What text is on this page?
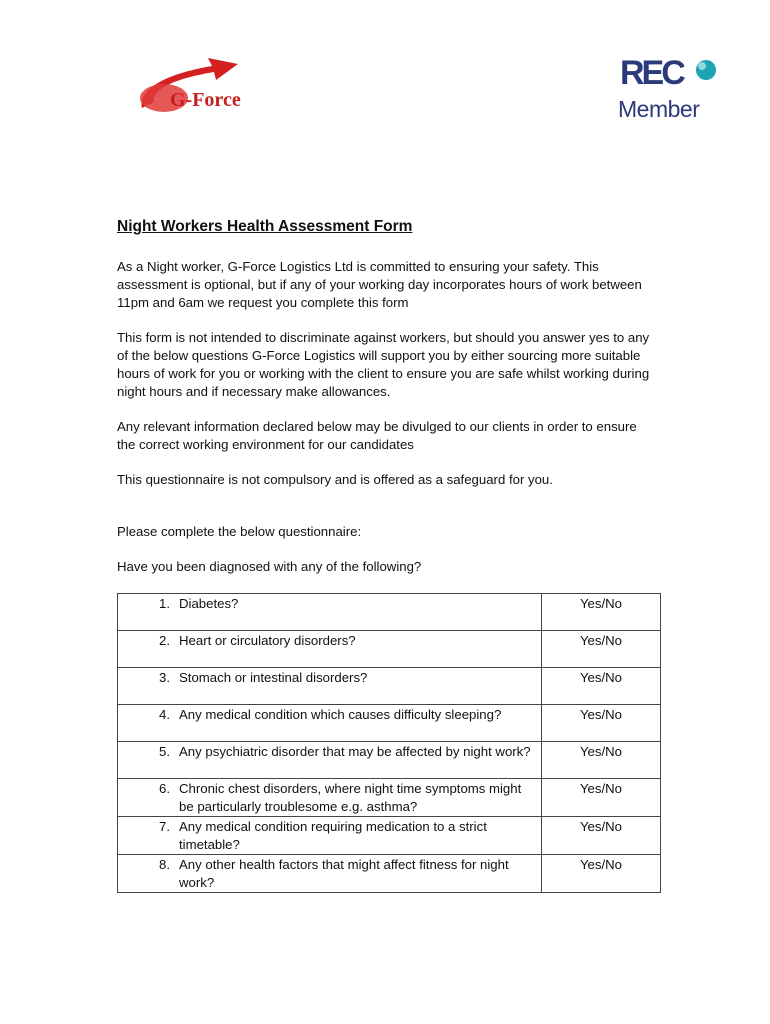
G-Force
REC
Member
Night Workers Health Assessment Form

As a Night worker, G-Force Logistics Ltd is committed to ensuring your safety. This assessment is optional, but if any of your working day incorporates hours of work between 11pm and 6am we request you complete this form

This form is not intended to discriminate against workers, but should you answer yes to any of the below questions G-Force Logistics will support you by either sourcing more suitable hours of work for you or working with the client to ensure you are safe whilst working during night hours and if necessary make allowances.

Any relevant information declared below may be divulged to our clients in order to ensure the correct working environment for our candidates

This questionnaire is not compulsory and is offered as a safeguard for you.

Please complete the below questionnaire:

Have you been diagnosed with any of the following?

1. Diabetes?	Yes/No

2. Heart or circulatory disorders?	Yes/No

3. Stomach or intestinal disorders?	Yes/No

4. Any medical condition which causes difficulty sleeping?	Yes/No

5. Any psychiatric disorder that may be affected by night work?	Yes/No

6. Chronic chest disorders, where night time symptoms might be particularly troublesome e.g. asthma?	Yes/No

7. Any medical condition requiring medication to a strict timetable?	Yes/No

8. Any other health factors that might affect fitness for night work?	Yes/No
